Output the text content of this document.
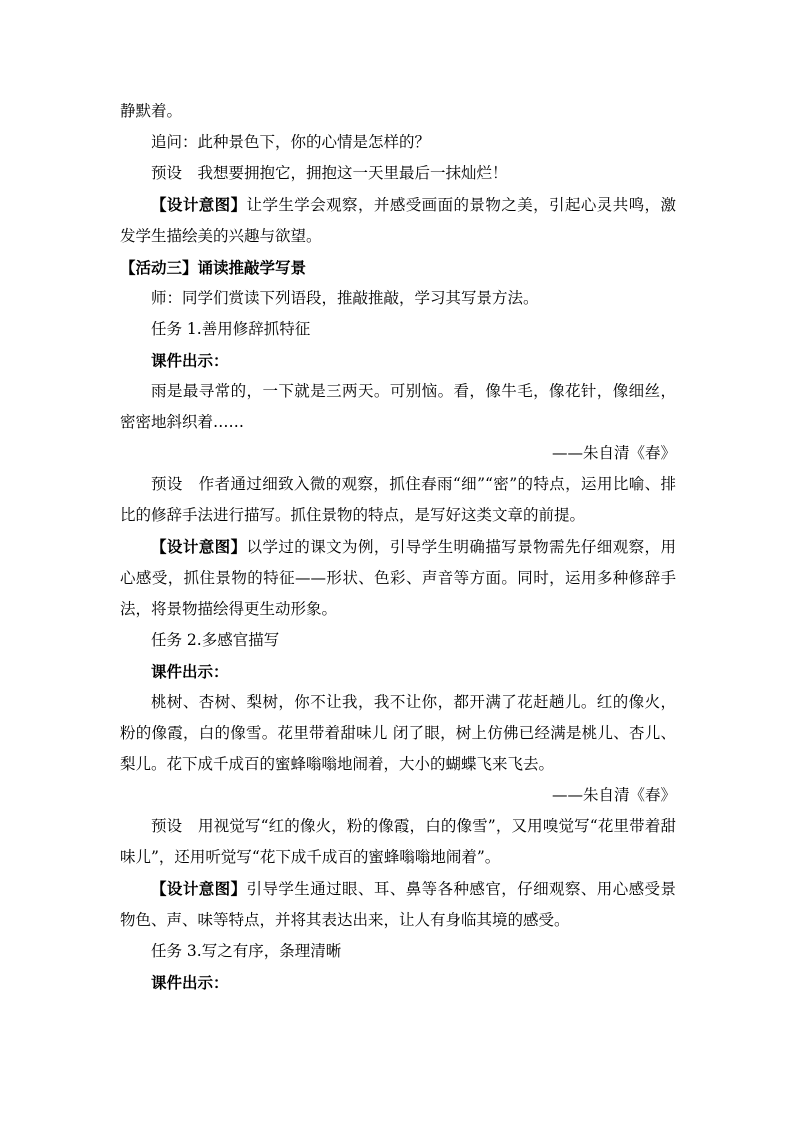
静默着。

追问：此种景色下，你的心情是怎样的？

预设　我想要拥抱它，拥抱这一天里最后一抹灿烂！

【设计意图】让学生学会观察，并感受画面的景物之美，引起心灵共鸣，激发学生描绘美的兴趣与欲望。

【活动三】诵读推敲学写景

师：同学们赏读下列语段，推敲推敲，学习其写景方法。

任务 1.善用修辞抓特征

课件出示：

雨是最寻常的，一下就是三两天。可别恼。看，像牛毛，像花针，像细丝，密密地斜织着……

——朱自清《春》

预设　作者通过细致入微的观察，抓住春雨“细”“密”的特点，运用比喻、排比的修辞手法进行描写。抓住景物的特点，是写好这类文章的前提。

【设计意图】以学过的课文为例，引导学生明确描写景物需先仔细观察，用心感受，抓住景物的特征——形状、色彩、声音等方面。同时，运用多种修辞手法，将景物描绘得更生动形象。

任务 2.多感官描写

课件出示：

桃树、杏树、梨树，你不让我，我不让你，都开满了花赶趟儿。红的像火，粉的像霞，白的像雪。花里带着甜味儿 闭了眼，树上仿佛已经满是桃儿、杏儿、梨儿。花下成千成百的蜜蜂嗡嗡地闹着，大小的蝴蝶飞来飞去。

——朱自清《春》

预设　用视觉写“红的像火，粉的像霞，白的像雪”，又用嗅觉写“花里带着甜味儿”，还用听觉写“花下成千成百的蜜蜂嗡嗡地闹着”。

【设计意图】引导学生通过眼、耳、鼻等各种感官，仔细观察、用心感受景物色、声、味等特点，并将其表达出来，让人有身临其境的感受。

任务 3.写之有序，条理清晰

课件出示：
